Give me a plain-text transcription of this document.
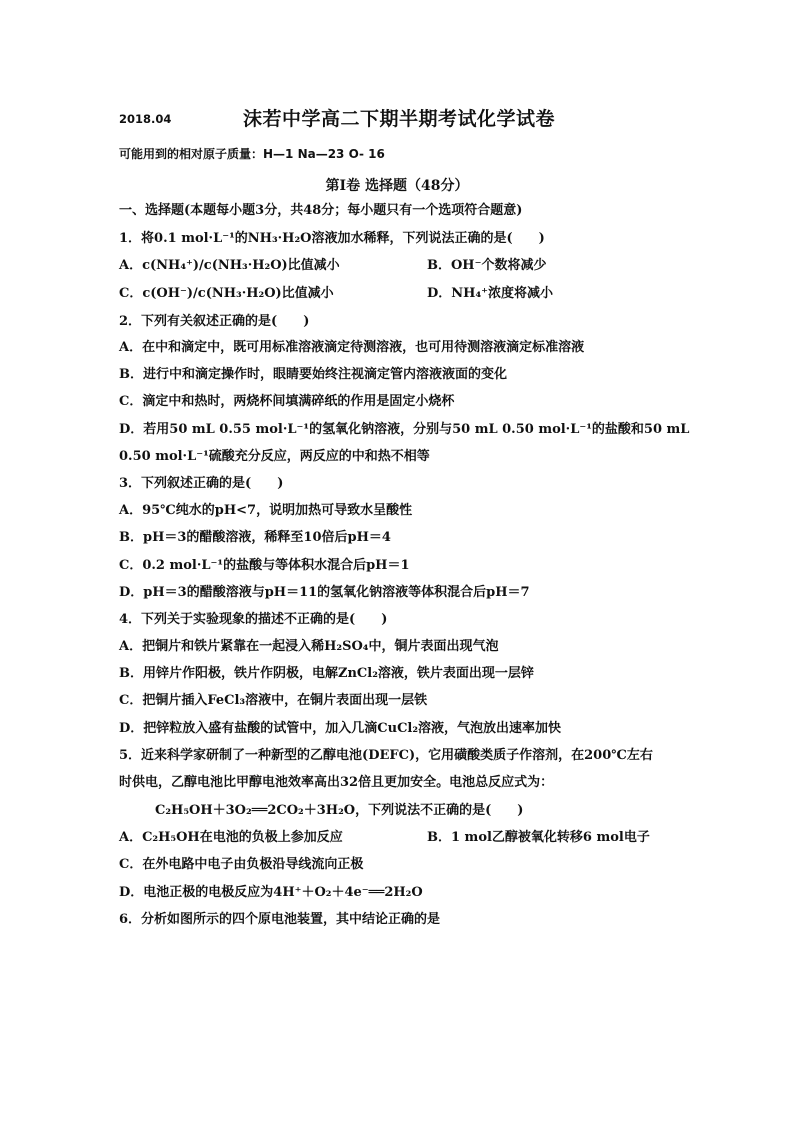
2018.04	沫若中学高二下期半期考试化学试卷
可能用到的相对原子质量：H—1 Na—23 O- 16
第Ⅰ卷 选择题（48分）
一、选择题(本题每小题3分，共48分；每小题只有一个选项符合题意)
1．将0.1 mol·L⁻¹的NH₃·H₂O溶液加水稀释，下列说法正确的是(　　)
A．c(NH₄⁺)/c(NH₃·H₂O)比值减小	B．OH⁻个数将减少
C．c(OH⁻)/c(NH₃·H₂O)比值减小	D．NH₄⁺浓度将减小
2．下列有关叙述正确的是(　　)
A．在中和滴定中，既可用标准溶液滴定待测溶液，也可用待测溶液滴定标准溶液
B．进行中和滴定操作时，眼睛要始终注视滴定管内溶液液面的变化
C．滴定中和热时，两烧杯间填满碎纸的作用是固定小烧杯
D．若用50 mL 0.55 mol·L⁻¹的氢氧化钠溶液，分别与50 mL 0.50 mol·L⁻¹的盐酸和50 mL
0.50 mol·L⁻¹硫酸充分反应，两反应的中和热不相等
3．下列叙述正确的是(　　)
A．95℃纯水的pH<7，说明加热可导致水呈酸性
B．pH＝3的醋酸溶液，稀释至10倍后pH＝4
C．0.2 mol·L⁻¹的盐酸与等体积水混合后pH＝1
D．pH＝3的醋酸溶液与pH＝11的氢氧化钠溶液等体积混合后pH＝7
4．下列关于实验现象的描述不正确的是(　　)
A．把铜片和铁片紧靠在一起浸入稀H₂SO₄中，铜片表面出现气泡
B．用锌片作阳极，铁片作阴极，电解ZnCl₂溶液，铁片表面出现一层锌
C．把铜片插入FeCl₃溶液中，在铜片表面出现一层铁
D．把锌粒放入盛有盐酸的试管中，加入几滴CuCl₂溶液，气泡放出速率加快
5．近来科学家研制了一种新型的乙醇电池(DEFC)，它用磺酸类质子作溶剂，在200℃左右
时供电，乙醇电池比甲醇电池效率高出32倍且更加安全。电池总反应式为：
C₂H₅OH＋3O₂══2CO₂＋3H₂O，下列说法不正确的是(　　)
A．C₂H₅OH在电池的负极上参加反应	B．1 mol乙醇被氧化转移6 mol电子
C．在外电路中电子由负极沿导线流向正极
D．电池正极的电极反应为4H⁺＋O₂＋4e⁻══2H₂O
6．分析如图所示的四个原电池装置，其中结论正确的是
